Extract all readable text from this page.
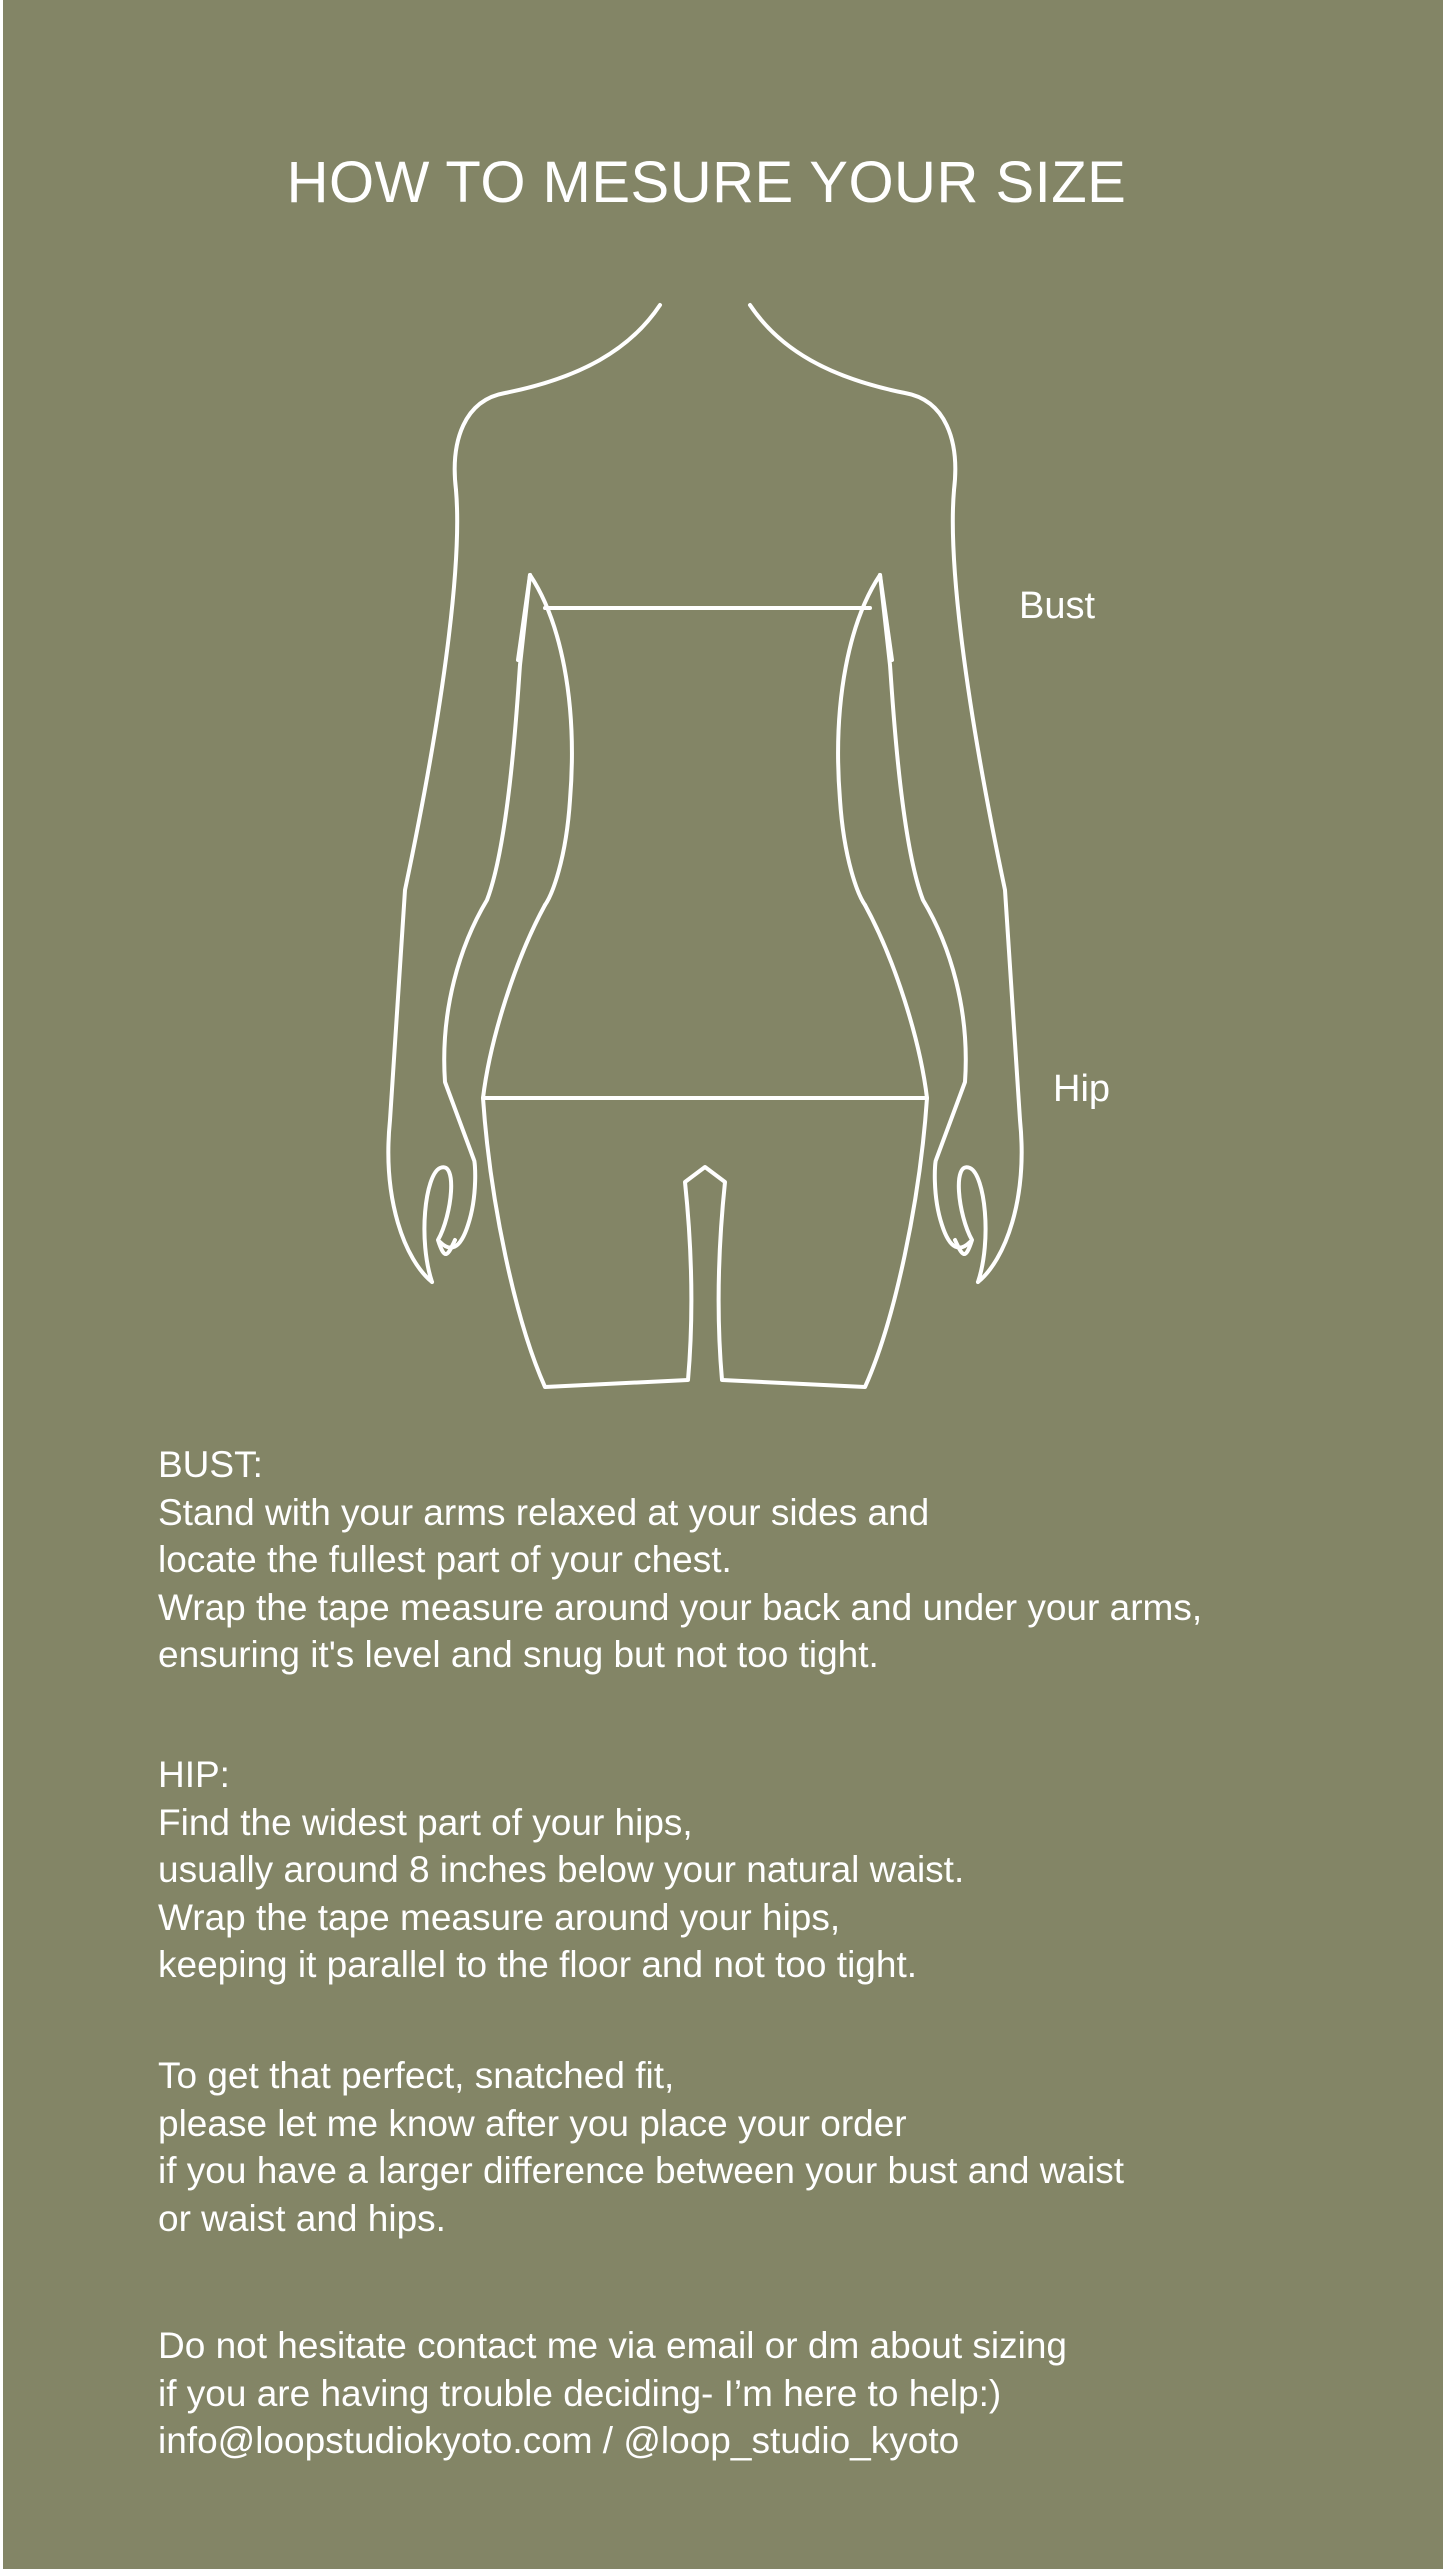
HOW TO MESURE YOUR SIZE
Bust
Hip
BUST:
Stand with your arms relaxed at your sides and
locate the fullest part of your chest.
Wrap the tape measure around your back and under your arms,
ensuring it's level and snug but not too tight.
HIP:
Find the widest part of your hips,
usually around 8 inches below your natural waist.
Wrap the tape measure around your hips,
keeping it parallel to the floor and not too tight.
To get that perfect, snatched fit,
please let me know after you place your order
if you have a larger difference between your bust and waist
or waist and hips.
Do not hesitate contact me via email or dm about sizing
if you are having trouble deciding- I’m here to help:)
info@loopstudiokyoto.com / @loop_studio_kyoto
